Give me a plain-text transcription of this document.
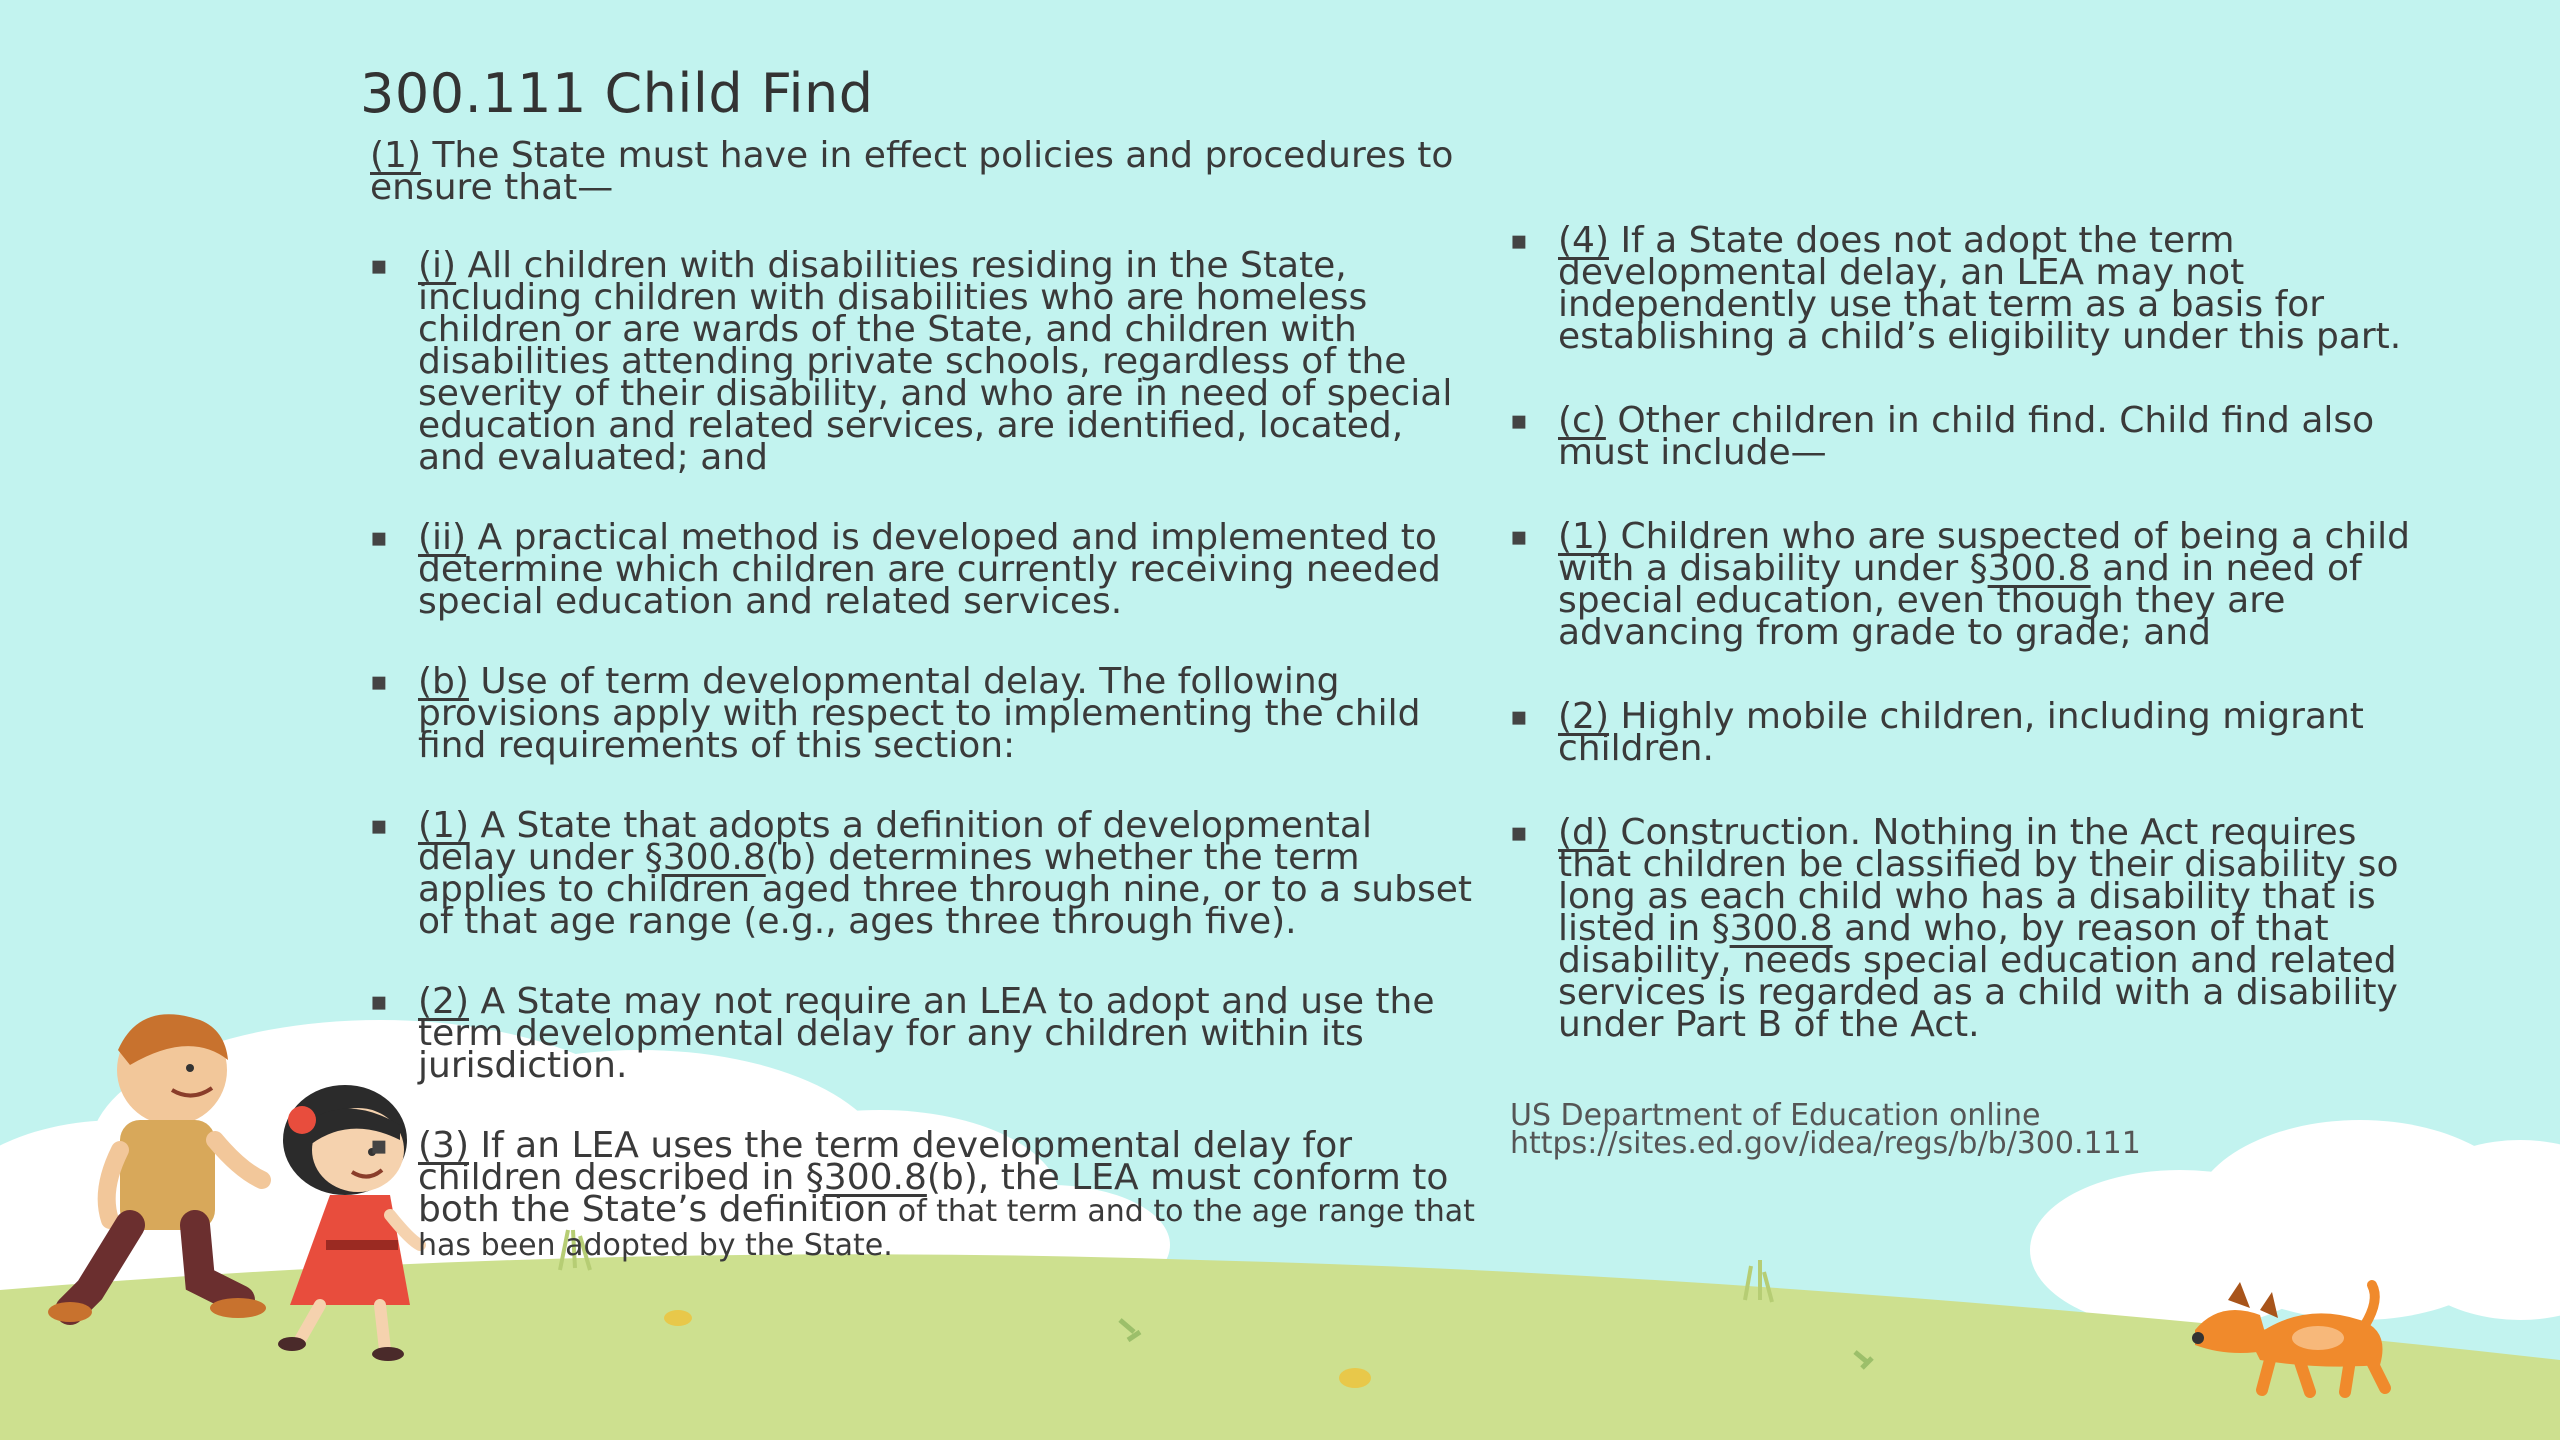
300.111 Child Find

(1) The State must have in effect policies and procedures to ensure that—

▪ (i) All children with disabilities residing in the State, including children with disabilities who are homeless children or are wards of the State, and children with disabilities attending private schools, regardless of the severity of their disability, and who are in need of special education and related services, are identified, located, and evaluated; and
▪ (ii) A practical method is developed and implemented to determine which children are currently receiving needed special education and related services.
▪ (b) Use of term developmental delay. The following provisions apply with respect to implementing the child find requirements of this section:
▪ (1) A State that adopts a definition of developmental delay under §300.8(b) determines whether the term applies to children aged three through nine, or to a subset of that age range (e.g., ages three through five).
▪ (2) A State may not require an LEA to adopt and use the term developmental delay for any children within its jurisdiction.
▪ (3) If an LEA uses the term developmental delay for children described in §300.8(b), the LEA must conform to both the State’s definition of that term and to the age range that has been adopted by the State.
▪ (4) If a State does not adopt the term developmental delay, an LEA may not independently use that term as a basis for establishing a child’s eligibility under this part.
▪ (c) Other children in child find. Child find also must include—
▪ (1) Children who are suspected of being a child with a disability under §300.8 and in need of special education, even though they are advancing from grade to grade; and
▪ (2) Highly mobile children, including migrant children.
▪ (d) Construction. Nothing in the Act requires that children be classified by their disability so long as each child who has a disability that is listed in §300.8 and who, by reason of that disability, needs special education and related services is regarded as a child with a disability under Part B of the Act.
US Department of Education online
https://sites.ed.gov/idea/regs/b/b/300.111
